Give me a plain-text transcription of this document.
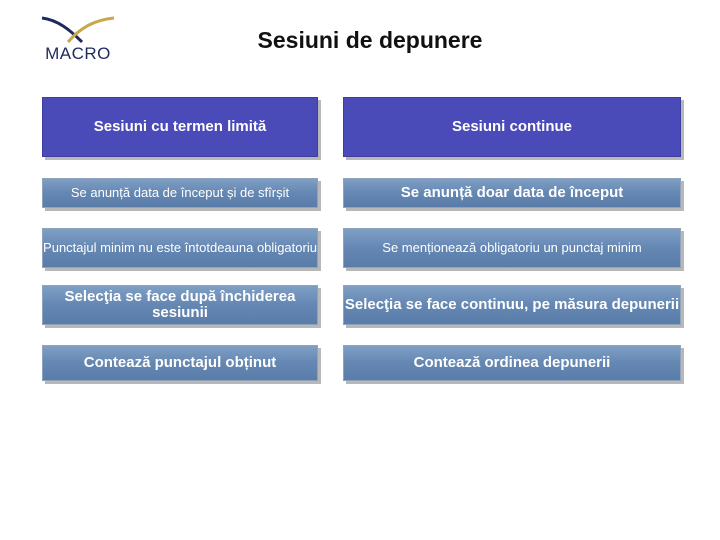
MACRO
Sesiuni de depunere
Sesiuni cu termen limită	Sesiuni continue
Se anunță data de început și de sfîrșit	Se anunță doar data de început
Punctajul minim nu este întotdeauna obligatoriu	Se menționează obligatoriu un punctaj minim
Selecţia se face după închiderea sesiunii	Selecţia se face continuu, pe măsura depunerii
Contează punctajul obținut	Contează ordinea depunerii
